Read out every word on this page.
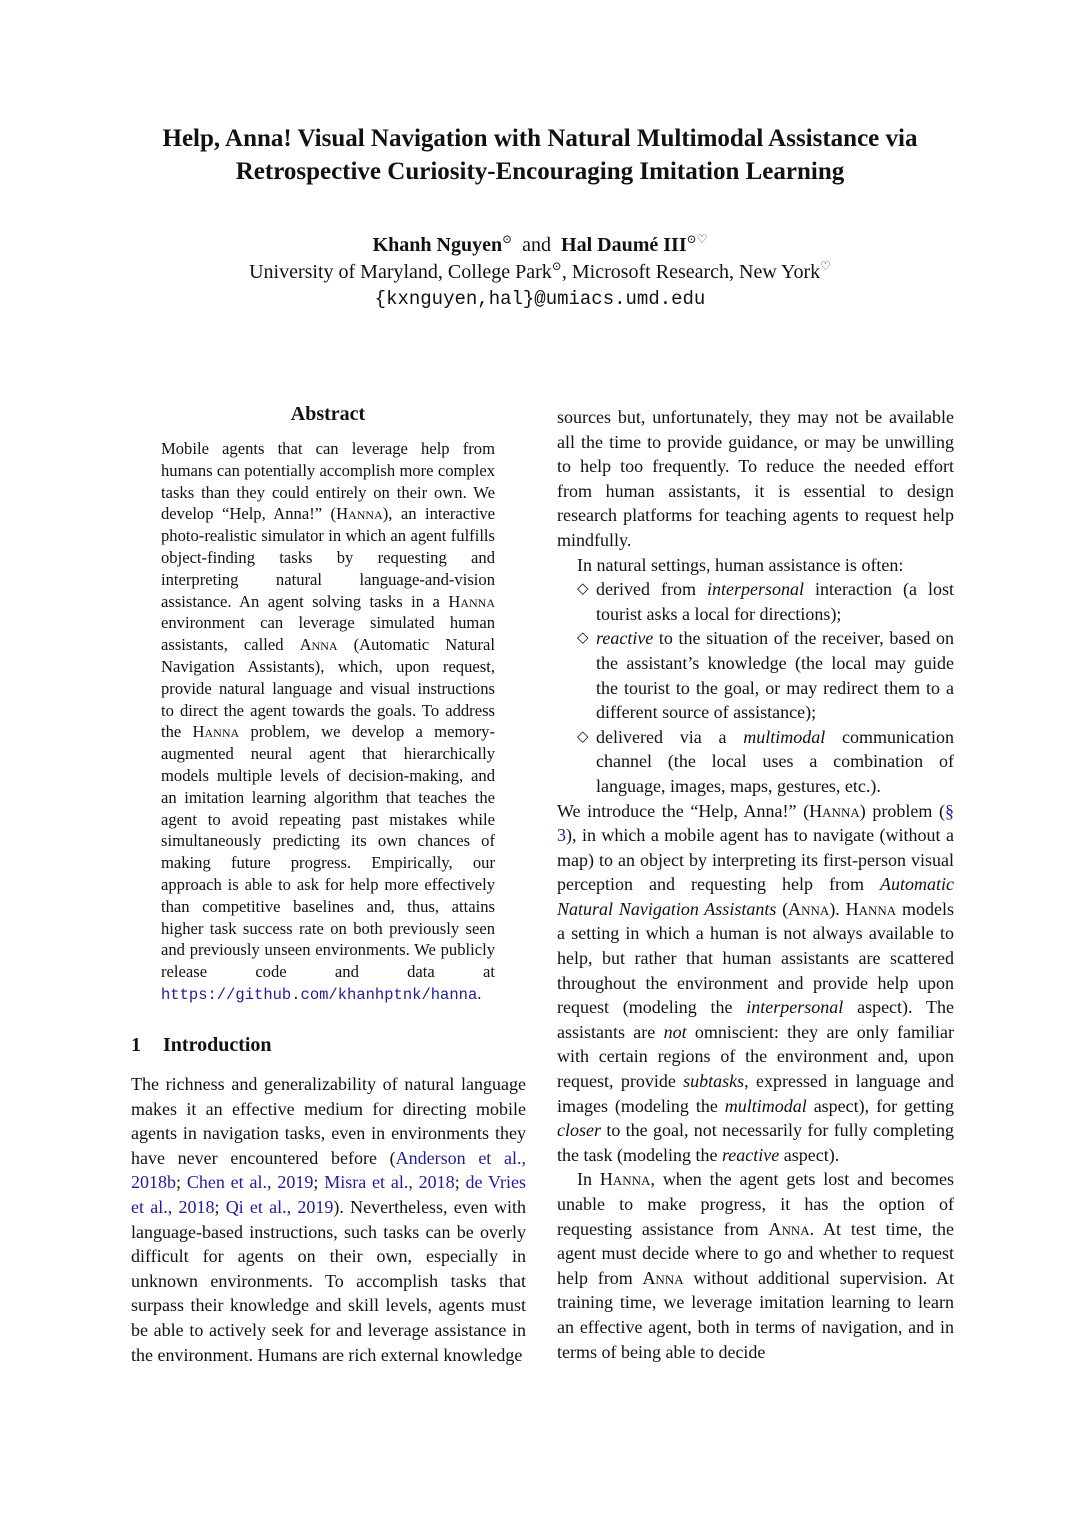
Help, Anna! Visual Navigation with Natural Multimodal Assistance via
Retrospective Curiosity-Encouraging Imitation Learning
Khanh Nguyen⊙ and Hal Daumé III⊙♡
University of Maryland, College Park⊙, Microsoft Research, New York♡
{kxnguyen,hal}@umiacs.umd.edu
Abstract
Mobile agents that can leverage help from humans can potentially accomplish more complex tasks than they could entirely on their own. We develop “Help, Anna!” (Hanna), an interactive photo-realistic simulator in which an agent fulfills object-finding tasks by requesting and interpreting natural language-and-vision assistance. An agent solving tasks in a Hanna environment can leverage simulated human assistants, called Anna (Automatic Natural Navigation Assistants), which, upon request, provide natural language and visual instructions to direct the agent towards the goals. To address the Hanna problem, we develop a memory-augmented neural agent that hierarchically models multiple levels of decision-making, and an imitation learning algorithm that teaches the agent to avoid repeating past mistakes while simultaneously predicting its own chances of making future progress. Empirically, our approach is able to ask for help more effectively than competitive baselines and, thus, attains higher task success rate on both previously seen and previously unseen environments. We publicly release code and data at https://github.com/khanhptnk/hanna.
1 Introduction

The richness and generalizability of natural language makes it an effective medium for directing mobile agents in navigation tasks, even in environments they have never encountered before (Anderson et al., 2018b; Chen et al., 2019; Misra et al., 2018; de Vries et al., 2018; Qi et al., 2019). Nevertheless, even with language-based instructions, such tasks can be overly difficult for agents on their own, especially in unknown environments. To accomplish tasks that surpass their knowledge and skill levels, agents must be able to actively seek for and leverage assistance in the environment. Humans are rich external knowledge

sources but, unfortunately, they may not be available all the time to provide guidance, or may be unwilling to help too frequently. To reduce the needed effort from human assistants, it is essential to design research platforms for teaching agents to request help mindfully.

In natural settings, human assistance is often:

◇ derived from interpersonal interaction (a lost tourist asks a local for directions);
◇ reactive to the situation of the receiver, based on the assistant’s knowledge (the local may guide the tourist to the goal, or may redirect them to a different source of assistance);
◇ delivered via a multimodal communication channel (the local uses a combination of language, images, maps, gestures, etc.).

We introduce the “Help, Anna!” (Hanna) problem (§ 3), in which a mobile agent has to navigate (without a map) to an object by interpreting its first-person visual perception and requesting help from Automatic Natural Navigation Assistants (Anna). Hanna models a setting in which a human is not always available to help, but rather that human assistants are scattered throughout the environment and provide help upon request (modeling the interpersonal aspect). The assistants are not omniscient: they are only familiar with certain regions of the environment and, upon request, provide subtasks, expressed in language and images (modeling the multimodal aspect), for getting closer to the goal, not necessarily for fully completing the task (modeling the reactive aspect).

In Hanna, when the agent gets lost and becomes unable to make progress, it has the option of requesting assistance from Anna. At test time, the agent must decide where to go and whether to request help from Anna without additional supervision. At training time, we leverage imitation learning to learn an effective agent, both in terms of navigation, and in terms of being able to decide
